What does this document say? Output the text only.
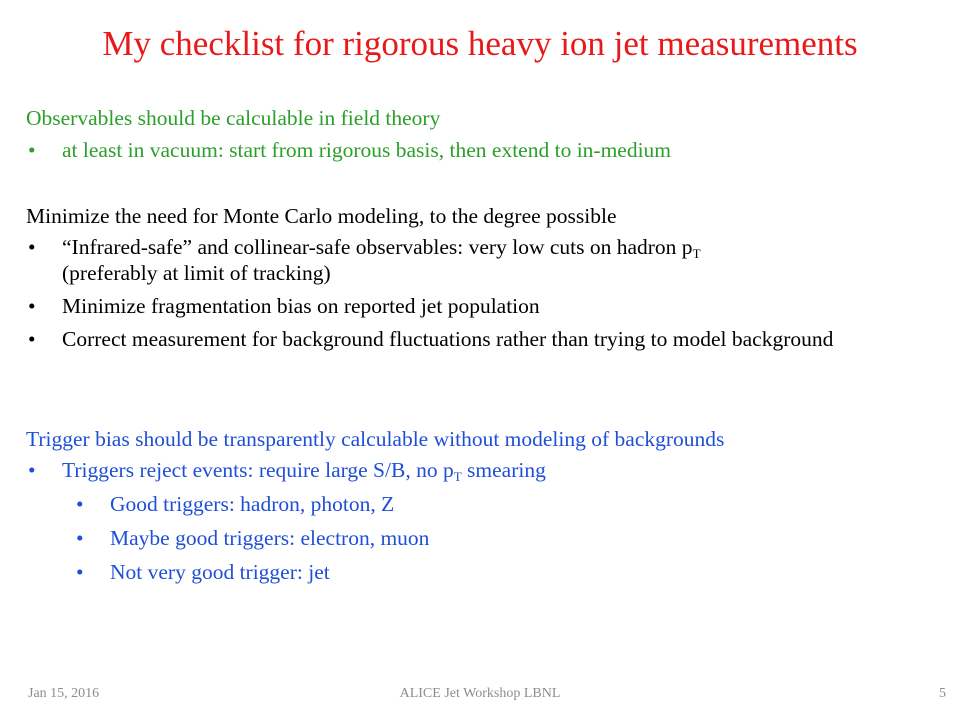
My checklist for rigorous heavy ion jet measurements

Observables should be calculable in field theory

• at least in vacuum: start from rigorous basis, then extend to in-medium

Minimize the need for Monte Carlo modeling, to the degree possible

• “Infrared-safe” and collinear-safe observables: very low cuts on hadron $p_T$
(preferably at limit of tracking)
• Minimize fragmentation bias on reported jet population
• Correct measurement for background fluctuations rather than trying to model background

Trigger bias should be transparently calculable without modeling of backgrounds

• Triggers reject events: require large S/B, no $p_T$ smearing
• Good triggers: hadron, photon, Z
• Maybe good triggers: electron, muon
• Not very good trigger: jet
Jan 15, 2016	ALICE Jet Workshop LBNL	5
